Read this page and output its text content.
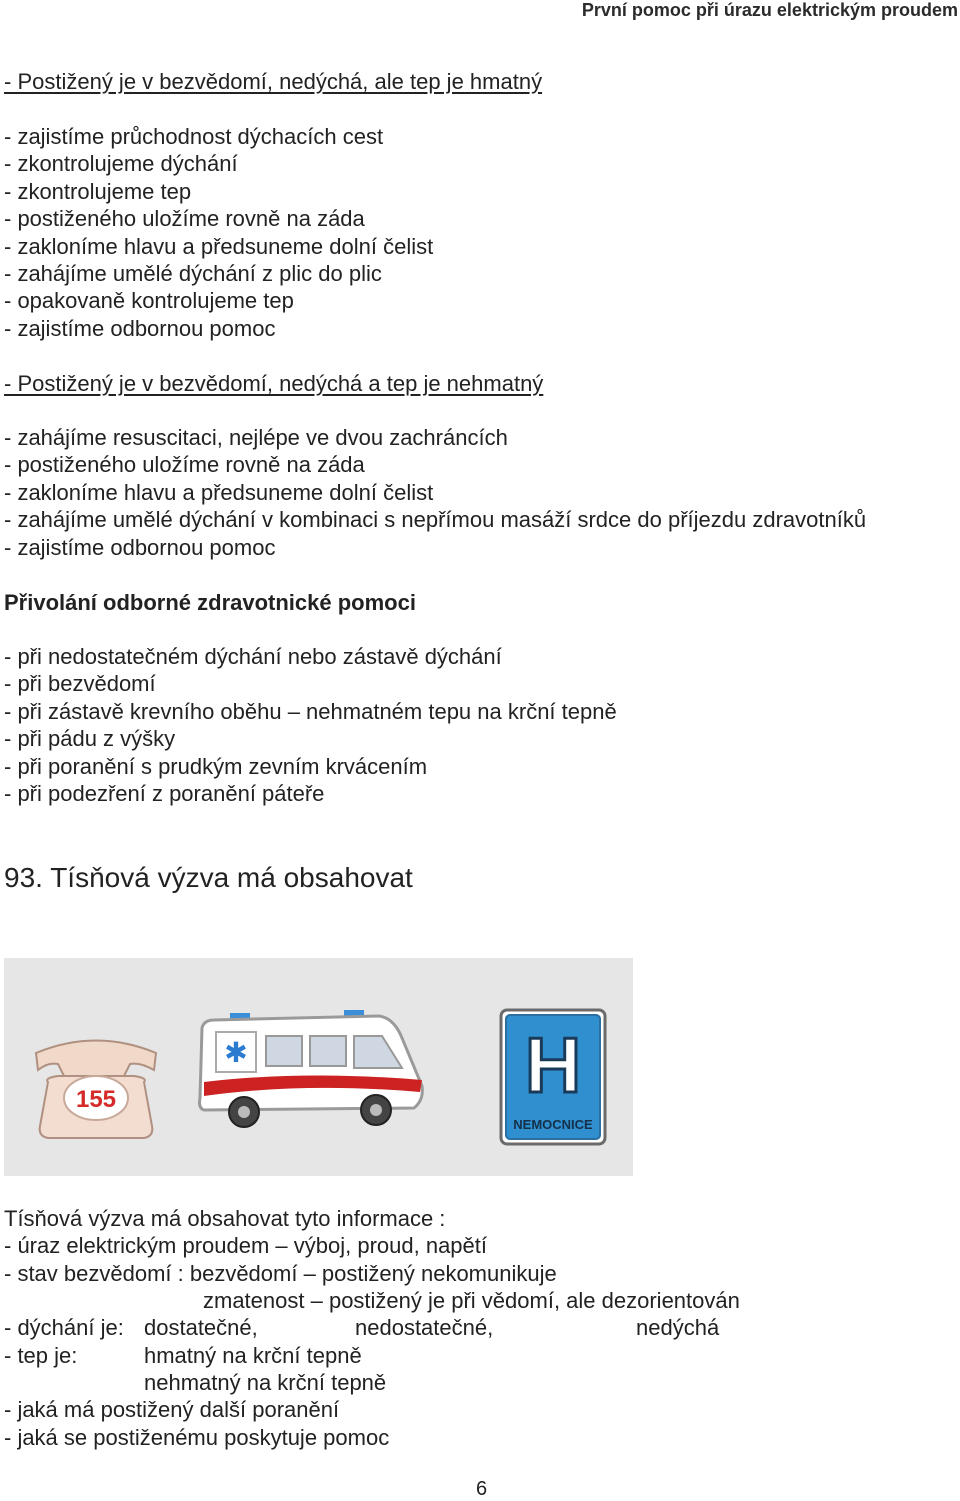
První pomoc při úrazu elektrickým proudem
- Postižený je v bezvědomí, nedýchá, ale tep je hmatný
- zajistíme průchodnost dýchacích cest
- zkontrolujeme dýchání
- zkontrolujeme tep
- postiženého uložíme rovně na záda
- zakloníme hlavu a předsuneme dolní čelist
- zahájíme umělé dýchání z plic do plic
- opakovaně kontrolujeme tep
- zajistíme odbornou pomoc
- Postižený je v bezvědomí, nedýchá a tep je nehmatný
- zahájíme resuscitaci, nejlépe ve dvou zachráncích
- postiženého uložíme rovně na záda
- zakloníme hlavu a předsuneme dolní čelist
- zahájíme umělé dýchání v kombinaci s nepřímou masáží srdce do příjezdu zdravotníků
- zajistíme odbornou pomoc
Přivolání odborné zdravotnické pomoci
- při nedostatečném dýchání nebo zástavě dýchání
- při bezvědomí
- při zástavě krevního oběhu – nehmatném tepu na krční tepně
- při pádu z výšky
- při poranění s prudkým zevním krvácením
- při podezření z poranění páteře
93. Tísňová výzva má obsahovat
155
✱	H
NEMOCNICE
Tísňová výzva má obsahovat tyto informace :
- úraz elektrickým proudem – výboj, proud, napětí
- stav bezvědomí : bezvědomí – postižený nekomunikuje
zmatenost – postižený je při vědomí, ale dezorientován
- dýchání je: dostatečné,	nedostatečné,	nedýchá
- tep je:	hmatný na krční tepně
nehmatný na krční tepně
- jaká má postižený další poranění
- jaká se postiženému poskytuje pomoc
6
